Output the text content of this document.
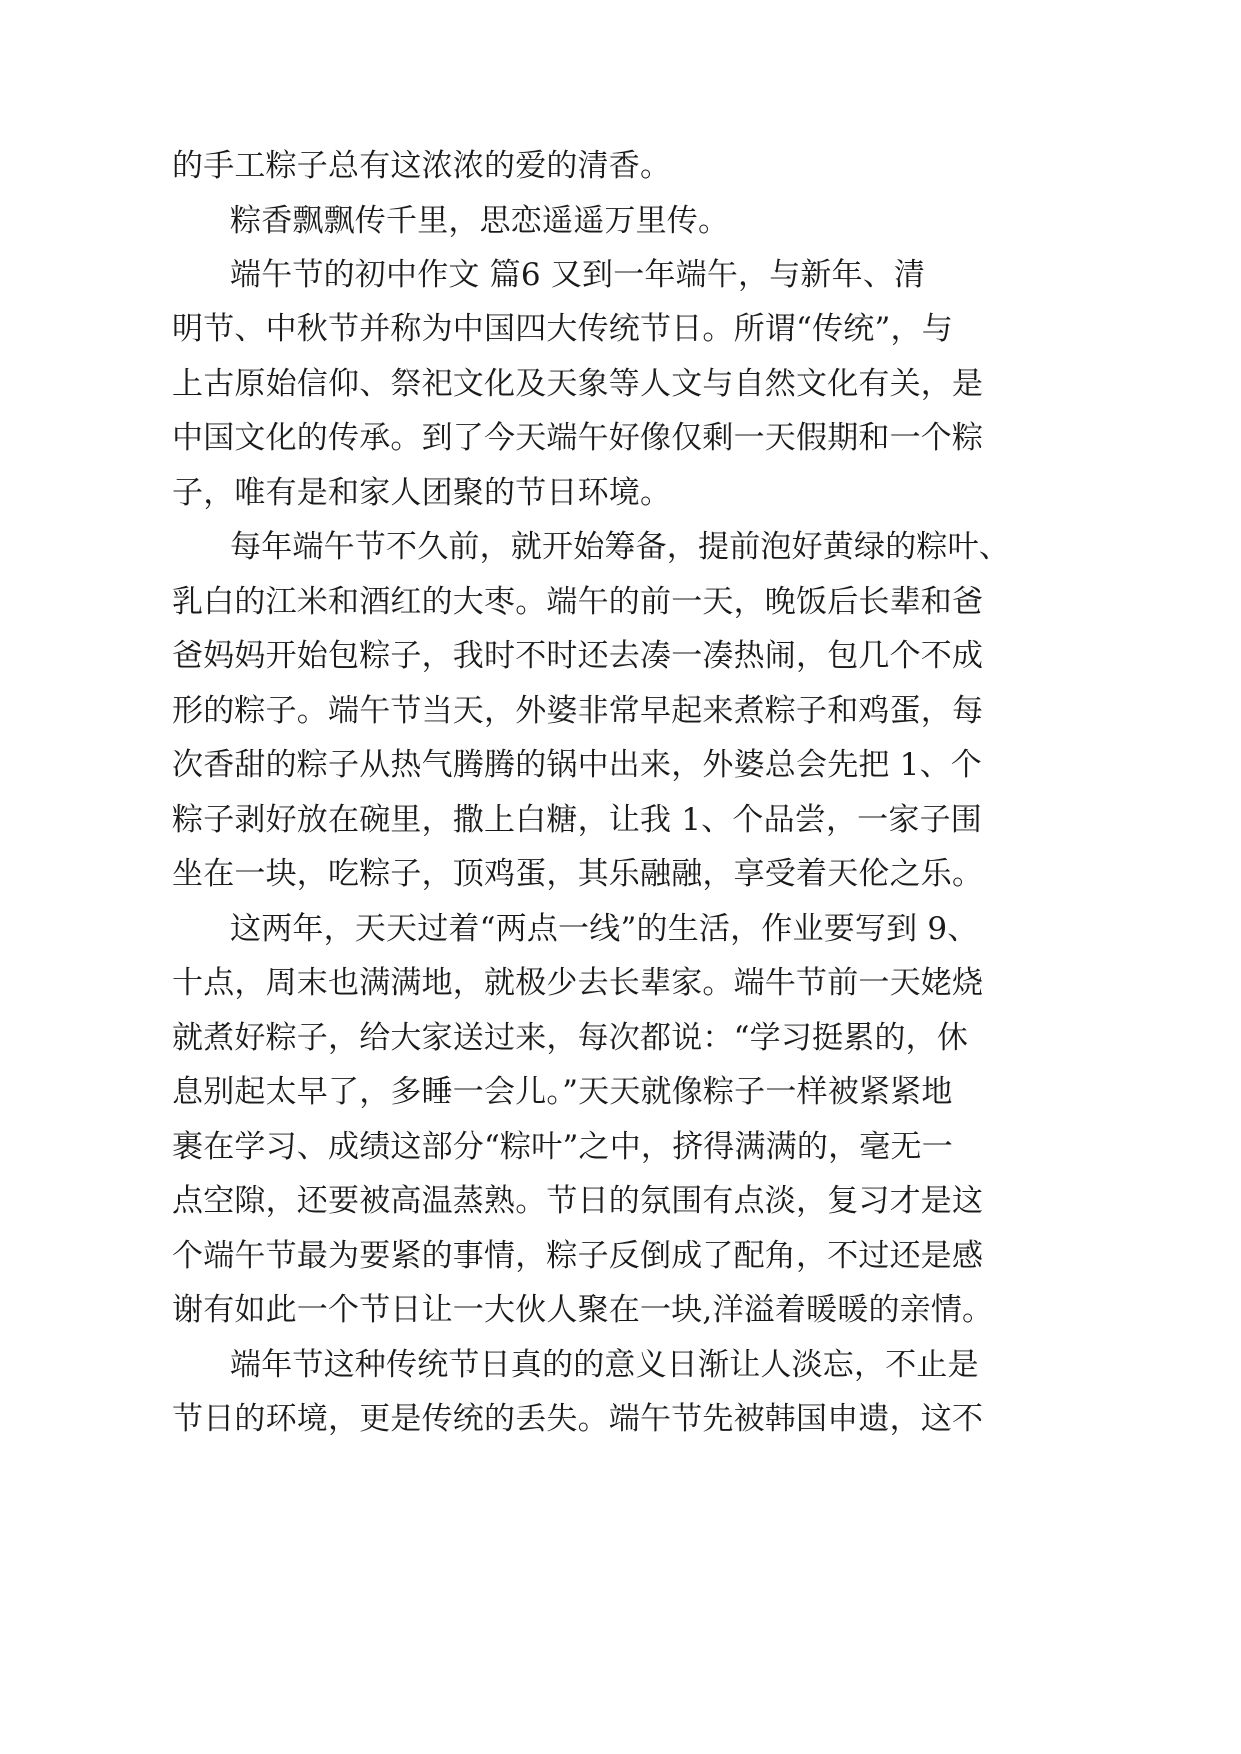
的手工粽子总有这浓浓的爱的清香。
粽香飘飘传千里，思恋遥遥万里传。
端午节的初中作文 篇6 又到一年端午，与新年、清
明节、中秋节并称为中国四大传统节日。所谓“传统”，与
上古原始信仰、祭祀文化及天象等人文与自然文化有关，是
中国文化的传承。到了今天端午好像仅剩一天假期和一个粽
子，唯有是和家人团聚的节日环境。
每年端午节不久前，就开始筹备，提前泡好黄绿的粽叶、
乳白的江米和酒红的大枣。端午的前一天，晚饭后长辈和爸
爸妈妈开始包粽子，我时不时还去凑一凑热闹，包几个不成
形的粽子。端午节当天，外婆非常早起来煮粽子和鸡蛋，每
次香甜的粽子从热气腾腾的锅中出来，外婆总会先把 1、个
粽子剥好放在碗里，撒上白糖，让我 1、个品尝，一家子围
坐在一块，吃粽子，顶鸡蛋，其乐融融，享受着天伦之乐。
这两年，天天过着“两点一线”的生活，作业要写到 9、
十点，周末也满满地，就极少去长辈家。端牛节前一天姥烧
就煮好粽子，给大家送过来，每次都说：“学习挺累的，休
息别起太早了，多睡一会儿。”天天就像粽子一样被紧紧地
裹在学习、成绩这部分“粽叶”之中，挤得满满的，毫无一
点空隙，还要被高温蒸熟。节日的氛围有点淡，复习才是这
个端午节最为要紧的事情，粽子反倒成了配角，不过还是感
谢有如此一个节日让一大伙人聚在一块,洋溢着暖暖的亲情。
端年节这种传统节日真的的意义日渐让人淡忘，不止是
节日的环境，更是传统的丢失。端午节先被韩国申遗，这不
